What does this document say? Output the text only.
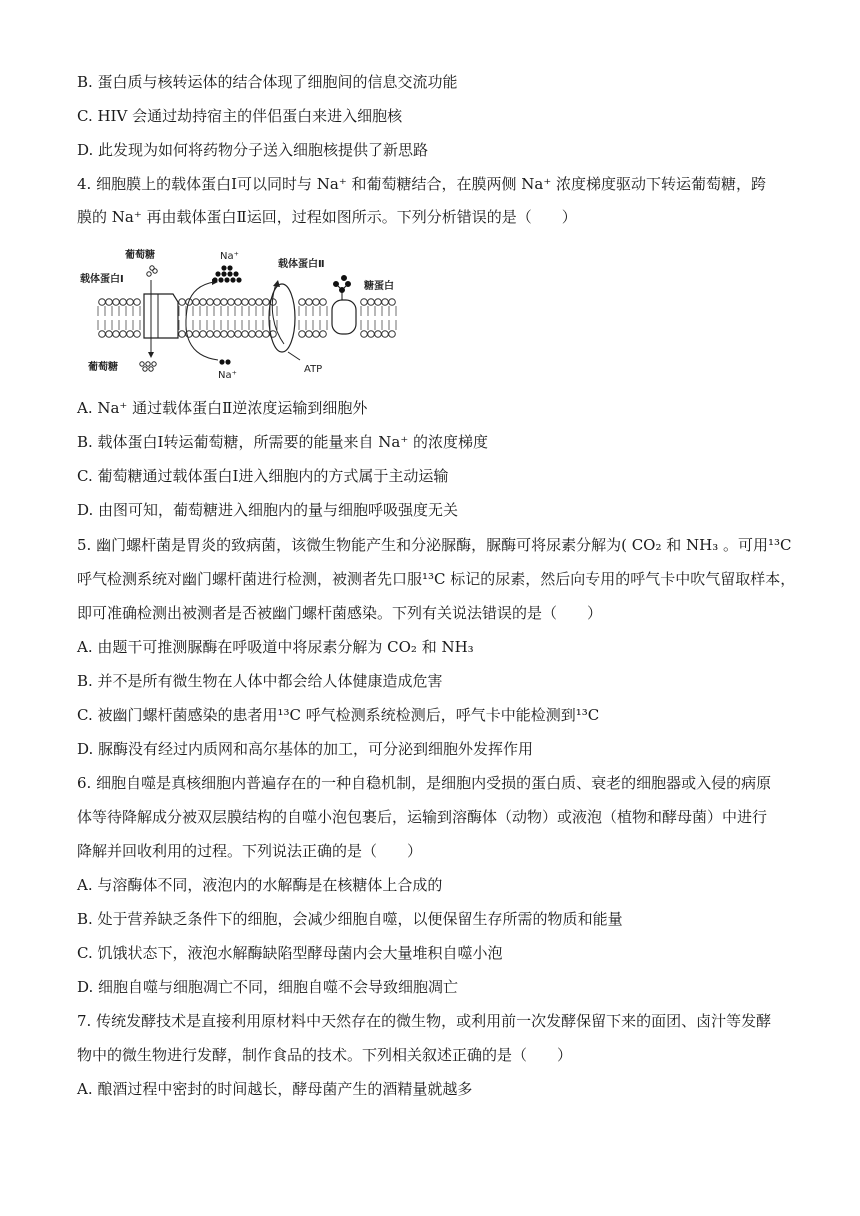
B. 蛋白质与核转运体的结合体现了细胞间的信息交流功能
C. HIV 会通过劫持宿主的伴侣蛋白来进入细胞核
D. 此发现为如何将药物分子送入细胞核提供了新思路
4. 细胞膜上的载体蛋白Ⅰ可以同时与 Na⁺ 和葡萄糖结合，在膜两侧 Na⁺ 浓度梯度驱动下转运葡萄糖，跨
膜的 Na⁺ 再由载体蛋白Ⅱ运回，过程如图所示。下列分析错误的是（　　）
葡萄糖
载体蛋白Ⅰ
Na⁺
载体蛋白Ⅱ
糖蛋白
葡萄糖
Na⁺
ATP
A. Na⁺ 通过载体蛋白Ⅱ逆浓度运输到细胞外
B. 载体蛋白Ⅰ转运葡萄糖，所需要的能量来自 Na⁺ 的浓度梯度
C. 葡萄糖通过载体蛋白Ⅰ进入细胞内的方式属于主动运输
D. 由图可知，葡萄糖进入细胞内的量与细胞呼吸强度无关
5. 幽门螺杆菌是胃炎的致病菌，该微生物能产生和分泌脲酶，脲酶可将尿素分解为( CO₂ 和 NH₃ 。可用¹³C
呼气检测系统对幽门螺杆菌进行检测，被测者先口服¹³C 标记的尿素，然后向专用的呼气卡中吹气留取样本，
即可准确检测出被测者是否被幽门螺杆菌感染。下列有关说法错误的是（　　）
A. 由题干可推测脲酶在呼吸道中将尿素分解为 CO₂ 和 NH₃
B. 并不是所有微生物在人体中都会给人体健康造成危害
C. 被幽门螺杆菌感染的患者用¹³C 呼气检测系统检测后，呼气卡中能检测到¹³C
D. 脲酶没有经过内质网和高尔基体的加工，可分泌到细胞外发挥作用
6. 细胞自噬是真核细胞内普遍存在的一种自稳机制，是细胞内受损的蛋白质、衰老的细胞器或入侵的病原
体等待降解成分被双层膜结构的自噬小泡包裹后，运输到溶酶体（动物）或液泡（植物和酵母菌）中进行
降解并回收利用的过程。下列说法正确的是（　　）
A. 与溶酶体不同，液泡内的水解酶是在核糖体上合成的
B. 处于营养缺乏条件下的细胞，会减少细胞自噬，以便保留生存所需的物质和能量
C. 饥饿状态下，液泡水解酶缺陷型酵母菌内会大量堆积自噬小泡
D. 细胞自噬与细胞凋亡不同，细胞自噬不会导致细胞凋亡
7. 传统发酵技术是直接利用原材料中天然存在的微生物，或利用前一次发酵保留下来的面团、卤汁等发酵
物中的微生物进行发酵，制作食品的技术。下列相关叙述正确的是（　　）
A. 酿酒过程中密封的时间越长，酵母菌产生的酒精量就越多
